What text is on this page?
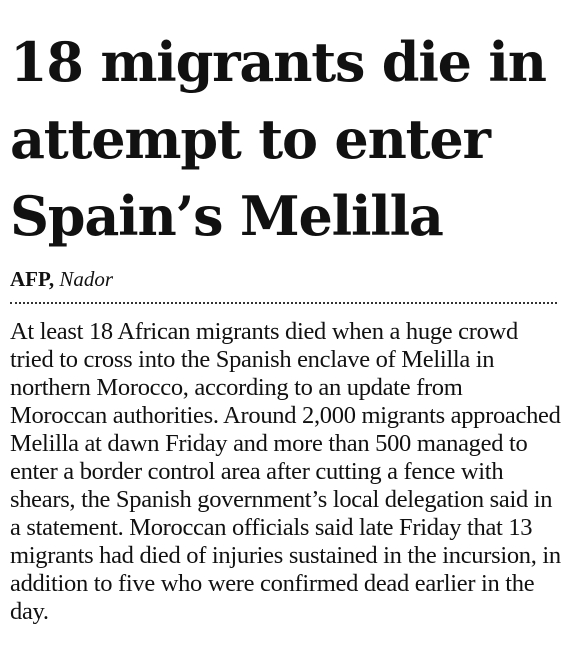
18 migrants die in attempt to enter Spain’s Melilla
AFP, Nador

At least 18 African migrants died when a huge crowd tried to cross into the Spanish enclave of Melilla in northern Morocco, according to an update from Moroccan authorities. Around 2,000 migrants approached Melilla at dawn Friday and more than 500 managed to enter a border control area after cutting a fence with shears, the Spanish government’s local delegation said in a statement. Moroccan officials said late Friday that 13 migrants had died of injuries sustained in the incursion, in addition to five who were confirmed dead earlier in the day.
